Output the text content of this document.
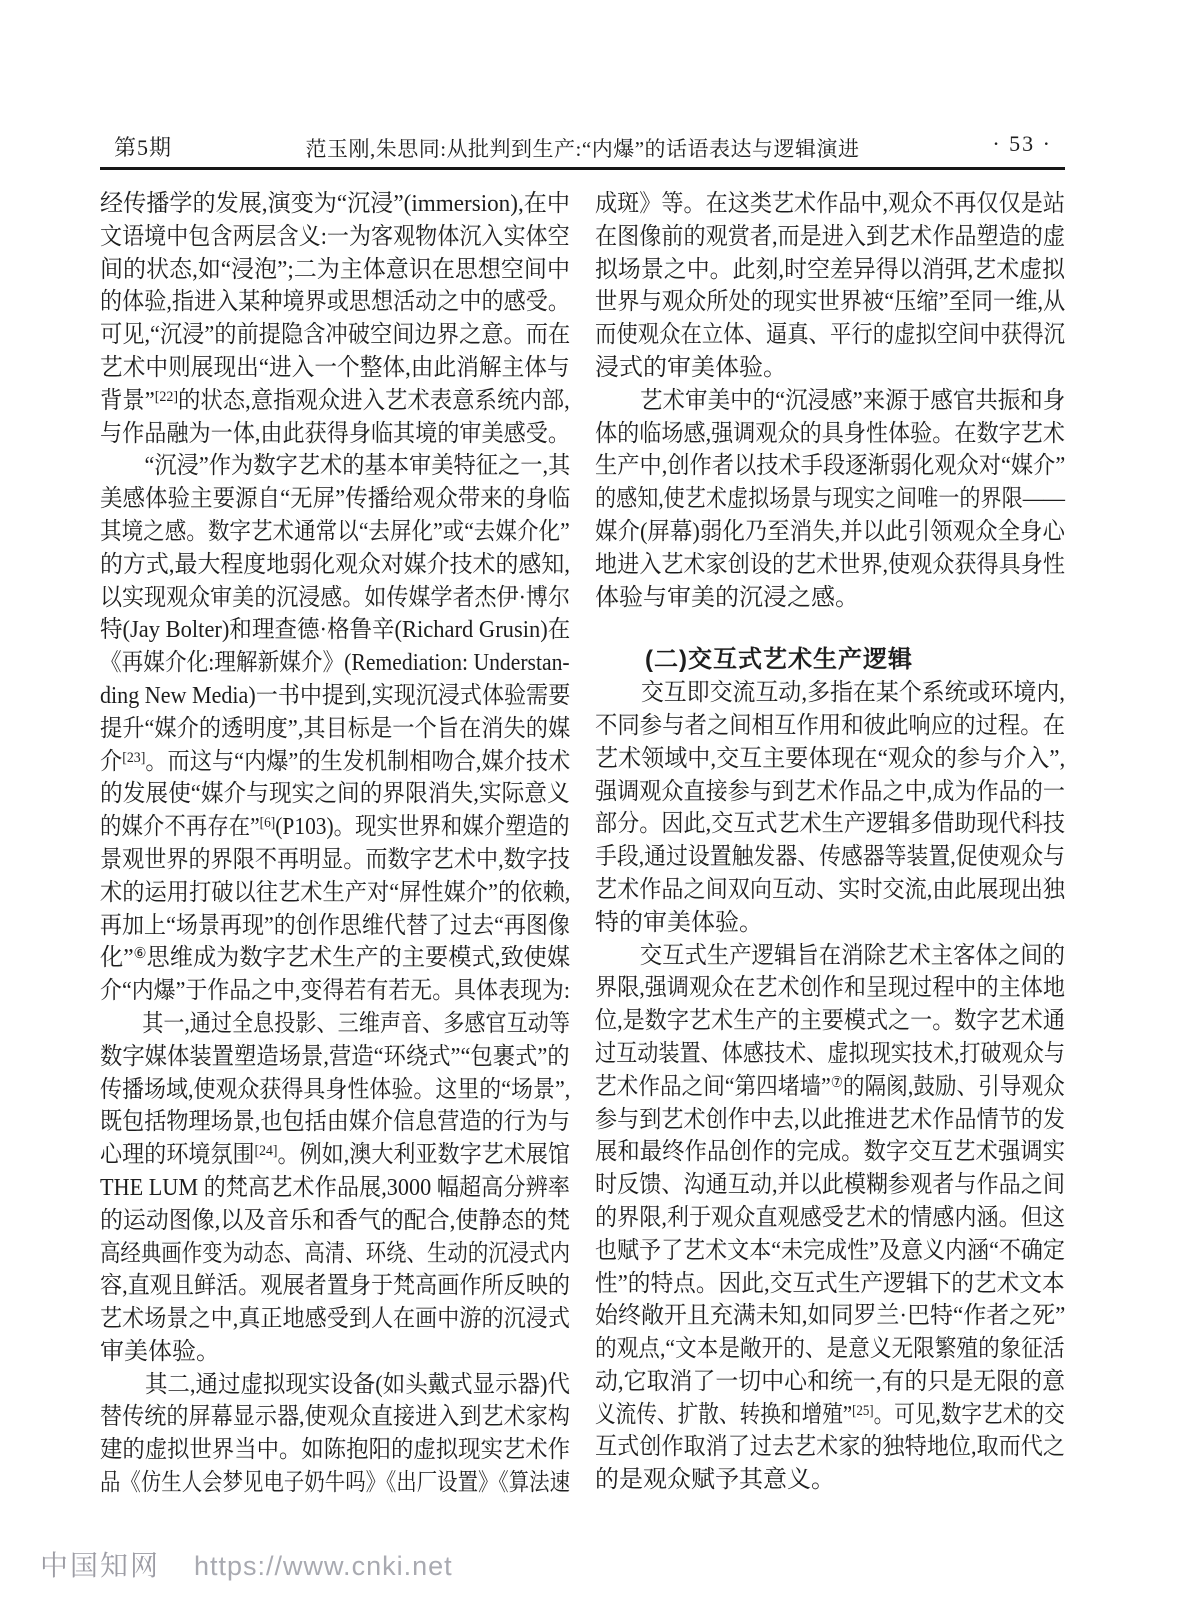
第5期	范玉刚,朱思同:从批判到生产:“内爆”的话语表达与逻辑演进	· 53 ·
经传播学的发展,演变为“沉浸”(immersion),在中
文语境中包含两层含义:一为客观物体沉入实体空
间的状态,如“浸泡”;二为主体意识在思想空间中
的体验,指进入某种境界或思想活动之中的感受。
可见,“沉浸”的前提隐含冲破空间边界之意。而在
艺术中则展现出“进入一个整体,由此消解主体与
背景”[22]的状态,意指观众进入艺术表意系统内部,
与作品融为一体,由此获得身临其境的审美感受。
　　“沉浸”作为数字艺术的基本审美特征之一,其
美感体验主要源自“无屏”传播给观众带来的身临
其境之感。数字艺术通常以“去屏化”或“去媒介化”
的方式,最大程度地弱化观众对媒介技术的感知,
以实现观众审美的沉浸感。如传媒学者杰伊·博尔
特(Jay Bolter)和理查德·格鲁辛(Richard Grusin)在
《再媒介化:理解新媒介》(Remediation: Understan-
ding New Media)一书中提到,实现沉浸式体验需要
提升“媒介的透明度”,其目标是一个旨在消失的媒
介[23]。而这与“内爆”的生发机制相吻合,媒介技术
的发展使“媒介与现实之间的界限消失,实际意义
的媒介不再存在”[6](P103)。现实世界和媒介塑造的
景观世界的界限不再明显。而数字艺术中,数字技
术的运用打破以往艺术生产对“屏性媒介”的依赖,
再加上“场景再现”的创作思维代替了过去“再图像
化”⑥思维成为数字艺术生产的主要模式,致使媒
介“内爆”于作品之中,变得若有若无。具体表现为:
　　其一,通过全息投影、三维声音、多感官互动等
数字媒体装置塑造场景,营造“环绕式”“包裹式”的
传播场域,使观众获得具身性体验。这里的“场景”,
既包括物理场景,也包括由媒介信息营造的行为与
心理的环境氛围[24]。例如,澳大利亚数字艺术展馆
THE LUM 的梵高艺术作品展,3000 幅超高分辨率
的运动图像,以及音乐和香气的配合,使静态的梵
高经典画作变为动态、高清、环绕、生动的沉浸式内
容,直观且鲜活。观展者置身于梵高画作所反映的
艺术场景之中,真正地感受到人在画中游的沉浸式
审美体验。
　　其二,通过虚拟现实设备(如头戴式显示器)代
替传统的屏幕显示器,使观众直接进入到艺术家构
建的虚拟世界当中。如陈抱阳的虚拟现实艺术作
品《仿生人会梦见电子奶牛吗》《出厂设置》《算法速
成斑》等。在这类艺术作品中,观众不再仅仅是站
在图像前的观赏者,而是进入到艺术作品塑造的虚
拟场景之中。此刻,时空差异得以消弭,艺术虚拟
世界与观众所处的现实世界被“压缩”至同一维,从
而使观众在立体、逼真、平行的虚拟空间中获得沉
浸式的审美体验。
　　艺术审美中的“沉浸感”来源于感官共振和身
体的临场感,强调观众的具身性体验。在数字艺术
生产中,创作者以技术手段逐渐弱化观众对“媒介”
的感知,使艺术虚拟场景与现实之间唯一的界限——
媒介(屏幕)弱化乃至消失,并以此引领观众全身心
地进入艺术家创设的艺术世界,使观众获得具身性
体验与审美的沉浸之感。
　　(二)交互式艺术生产逻辑
　　交互即交流互动,多指在某个系统或环境内,
不同参与者之间相互作用和彼此响应的过程。在
艺术领域中,交互主要体现在“观众的参与介入”,
强调观众直接参与到艺术作品之中,成为作品的一
部分。因此,交互式艺术生产逻辑多借助现代科技
手段,通过设置触发器、传感器等装置,促使观众与
艺术作品之间双向互动、实时交流,由此展现出独
特的审美体验。
　　交互式生产逻辑旨在消除艺术主客体之间的
界限,强调观众在艺术创作和呈现过程中的主体地
位,是数字艺术生产的主要模式之一。数字艺术通
过互动装置、体感技术、虚拟现实技术,打破观众与
艺术作品之间“第四堵墙”⑦的隔阂,鼓励、引导观众
参与到艺术创作中去,以此推进艺术作品情节的发
展和最终作品创作的完成。数字交互艺术强调实
时反馈、沟通互动,并以此模糊参观者与作品之间
的界限,利于观众直观感受艺术的情感内涵。但这
也赋予了艺术文本“未完成性”及意义内涵“不确定
性”的特点。因此,交互式生产逻辑下的艺术文本
始终敞开且充满未知,如同罗兰·巴特“作者之死”
的观点,“文本是敞开的、是意义无限繁殖的象征活
动,它取消了一切中心和统一,有的只是无限的意
义流传、扩散、转换和增殖”[25]。可见,数字艺术的交
互式创作取消了过去艺术家的独特地位,取而代之
的是观众赋予其意义。
中国知网 https://www.cnki.net
